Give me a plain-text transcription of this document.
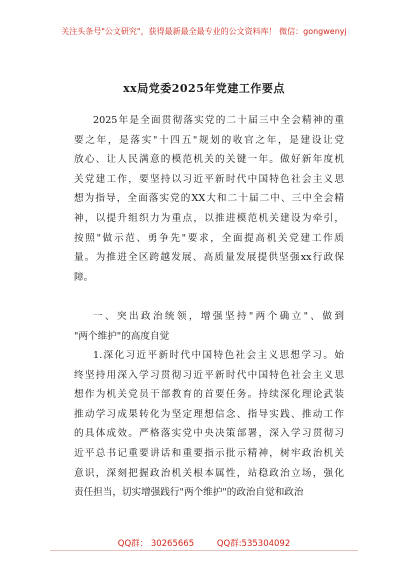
关注头条号"公文研究"，获得最新最全最专业的公文资料库！ 微信：gongwenyj
xx局党委2025年党建工作要点
2025年是全面贯彻落实党的二十届三中全会精神的重
要之年，是落实"十四五"规划的收官之年，是建设让党
放心、让人民满意的模范机关的关键一年。做好新年度机
关党建工作，要坚持以习近平新时代中国特色社会主义思
想为指导，全面落实党的XX大和二十届二中、三中全会精
神，以提升组织力为重点，以推进模范机关建设为牵引，
按照"做示范、勇争先"要求，全面提高机关党建工作质
量。为推进全区跨越发展、高质量发展提供坚强xx行政保
障。
一、突出政治统领，增强坚持"两个确立"、做到
"两个维护"的高度自觉
1.深化习近平新时代中国特色社会主义思想学习。始
终坚持用深入学习贯彻习近平新时代中国特色社会主义思
想作为机关党员干部教育的首要任务。持续深化理论武装
推动学习成果转化为坚定理想信念、指导实践、推动工作
的具体成效。严格落实党中央决策部署，深入学习贯彻习
近平总书记重要讲话和重要指示批示精神，树牢政治机关
意识，深刻把握政治机关根本属性，站稳政治立场，强化
责任担当，切实增强践行"两个维护"的政治自觉和政治
QQ群： 30265665	QQ群:535304092
